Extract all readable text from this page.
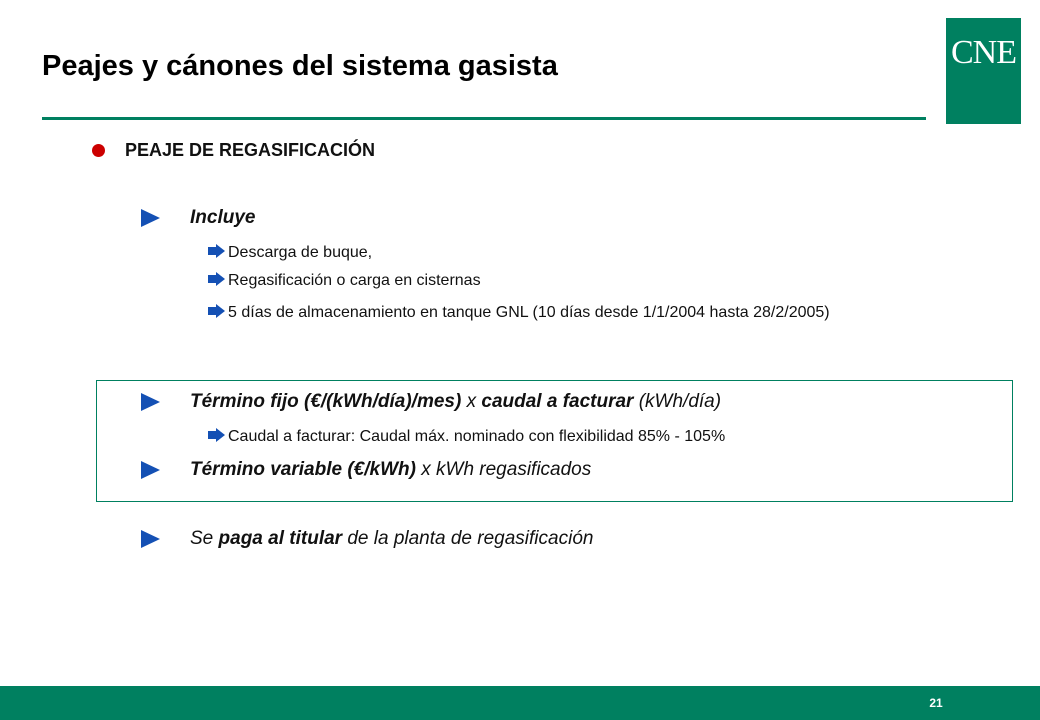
Peajes y cánones del sistema gasista	CNE
PEAJE DE REGASIFICACIÓN
Incluye
Descarga de buque,
Regasificación o carga en cisternas
5 días de almacenamiento en tanque GNL (10 días desde 1/1/2004 hasta 28/2/2005)
Término fijo (€/(kWh/día)/mes) x caudal a facturar (kWh/día)
Caudal a facturar: Caudal máx. nominado con flexibilidad 85% - 105%
Término variable (€/kWh) x kWh regasificados
Se paga al titular de la planta de regasificación
21
